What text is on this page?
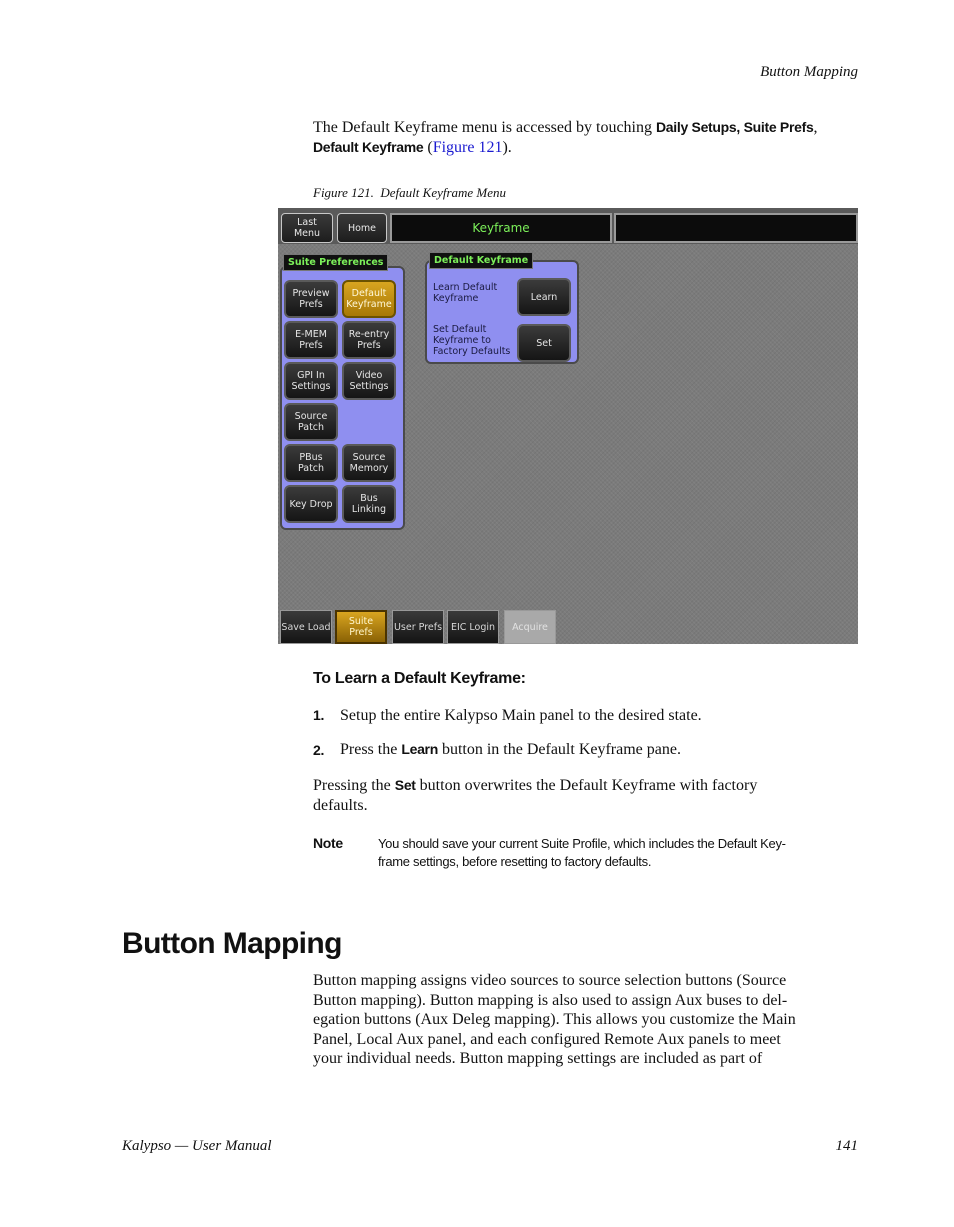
Button Mapping
The Default Keyframe menu is accessed by touching Daily Setups, Suite Prefs,
Default Keyframe (Figure 121).
Figure 121.  Default Keyframe Menu
Last Menu	Home	Keyframe
Suite Preferences
Preview Prefs
Default Keyframe
E-MEM Prefs
Re-entry Prefs
GPI In Settings
Video Settings
Source Patch
PBus Patch
Source Memory
Key Drop	Bus Linking
Default Keyframe
Learn Default Keyframe	Learn
Set Default Keyframe to Factory Defaults
Set
Save Load	Suite Prefs	User Prefs EIC Login	Acquire
To Learn a Default Keyframe:
1. Setup the entire Kalypso Main panel to the desired state.
2. Press the Learn button in the Default Keyframe pane.
Pressing the Set button overwrites the Default Keyframe with factory
defaults.
Note	You should save your current Suite Profile, which includes the Default Key-
frame settings, before resetting to factory defaults.
Button Mapping
Button mapping assigns video sources to source selection buttons (Source
Button mapping). Button mapping is also used to assign Aux buses to del-
egation buttons (Aux Deleg mapping). This allows you customize the Main
Panel, Local Aux panel, and each configured Remote Aux panels to meet
your individual needs. Button mapping settings are included as part of
Kalypso — User Manual	141
